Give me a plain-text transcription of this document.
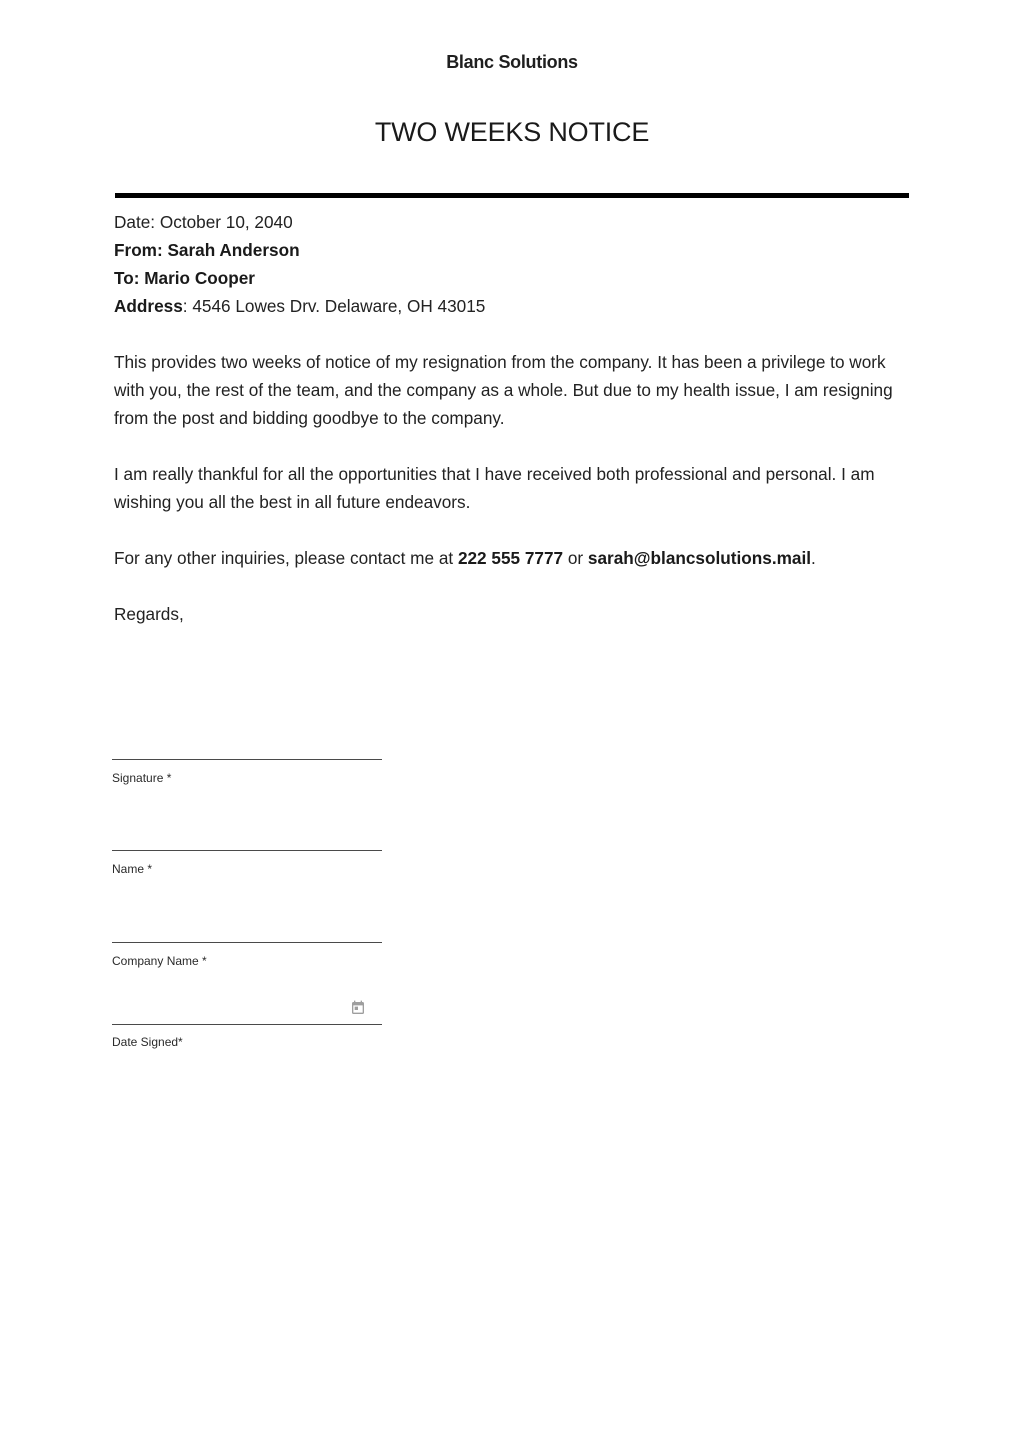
Blanc Solutions
TWO WEEKS NOTICE

Date: October 10, 2040

From: Sarah Anderson

To: Mario Cooper

Address: 4546 Lowes Drv. Delaware, OH 43015

This provides two weeks of notice of my resignation from the company. It has been a privilege to work with you, the rest of the team, and the company as a whole. But due to my health issue, I am resigning from the post and bidding goodbye to the company.

I am really thankful for all the opportunities that I have received both professional and personal. I am wishing you all the best in all future endeavors.

For any other inquiries, please contact me at 222 555 7777 or sarah@blancsolutions.mail.

Regards,

Signature *
Name *
Company Name *
Date Signed*
